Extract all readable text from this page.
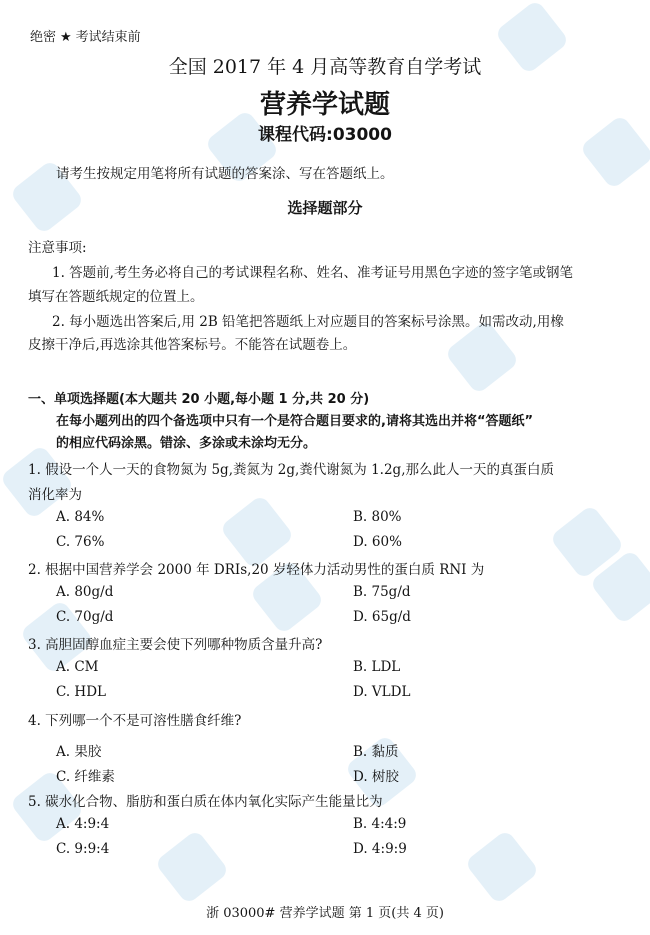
绝密 ★ 考试结束前
全国 2017 年 4 月高等教育自学考试
营养学试题
课程代码:03000
请考生按规定用笔将所有试题的答案涂、写在答题纸上。
选择题部分
注意事项:
1. 答题前,考生务必将自己的考试课程名称、姓名、准考证号用黑色字迹的签字笔或钢笔
填写在答题纸规定的位置上。
2. 每小题选出答案后,用 2B 铅笔把答题纸上对应题目的答案标号涂黑。如需改动,用橡
皮擦干净后,再选涂其他答案标号。不能答在试题卷上。
一、单项选择题(本大题共 20 小题,每小题 1 分,共 20 分)
在每小题列出的四个备选项中只有一个是符合题目要求的,请将其选出并将“答题纸”
的相应代码涂黑。错涂、多涂或未涂均无分。
1. 假设一个人一天的食物氮为 5g,粪氮为 2g,粪代谢氮为 1.2g,那么此人一天的真蛋白质
消化率为
A. 84%	B. 80%
C. 76%	D. 60%
2. 根据中国营养学会 2000 年 DRIs,20 岁轻体力活动男性的蛋白质 RNI 为
A. 80g/d	B. 75g/d
C. 70g/d	D. 65g/d
3. 高胆固醇血症主要会使下列哪种物质含量升高?
A. CM	B. LDL
C. HDL	D. VLDL
4. 下列哪一个不是可溶性膳食纤维?
A. 果胶	B. 黏质
C. 纤维素	D. 树胶
5. 碳水化合物、脂肪和蛋白质在体内氧化实际产生能量比为
A. 4:9:4	B. 4:4:9
C. 9:9:4	D. 4:9:9
浙 03000# 营养学试题 第 1 页(共 4 页)
